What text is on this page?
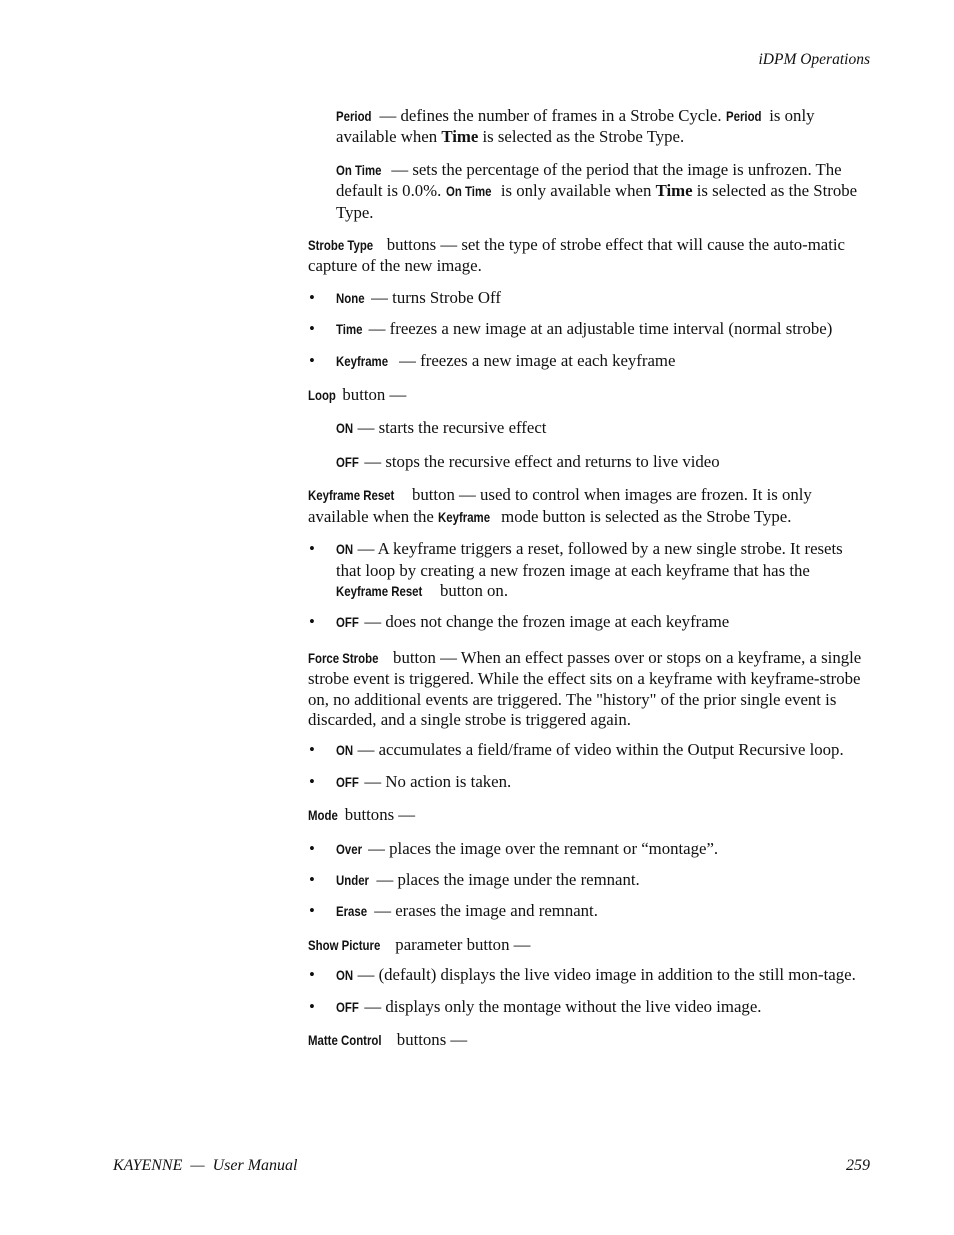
iDPM Operations

Period — defines the number of frames in a Strobe Cycle. Period is only available when Time is selected as the Strobe Type.

On Time — sets the percentage of the period that the image is unfrozen. The default is 0.0%. On Time is only available when Time is selected as the Strobe Type.

Strobe Type buttons — set the type of strobe effect that will cause the auto-matic capture of the new image.

• None — turns Strobe Off
• Time — freezes a new image at an adjustable time interval (normal strobe)
• Keyframe — freezes a new image at each keyframe

Loop button —

ON — starts the recursive effect

OFF — stops the recursive effect and returns to live video

Keyframe Reset button — used to control when images are frozen. It is only available when the Keyframe mode button is selected as the Strobe Type.

• ON — A keyframe triggers a reset, followed by a new single strobe. It resets that loop by creating a new frozen image at each keyframe that has the Keyframe Reset button on.
• OFF — does not change the frozen image at each keyframe

Force Strobe button — When an effect passes over or stops on a keyframe, a single strobe event is triggered. While the effect sits on a keyframe with keyframe-strobe on, no additional events are triggered. The "history" of the prior single event is discarded, and a single strobe is triggered again.

• ON — accumulates a field/frame of video within the Output Recursive loop.
• OFF — No action is taken.

Mode buttons —

• Over — places the image over the remnant or “montage”.
• Under — places the image under the remnant.
• Erase — erases the image and remnant.

Show Picture parameter button —

• ON — (default) displays the live video image in addition to the still mon-tage.
• OFF — displays only the montage without the live video image.

Matte Control buttons —

KAYENNE  —  User Manual	259
